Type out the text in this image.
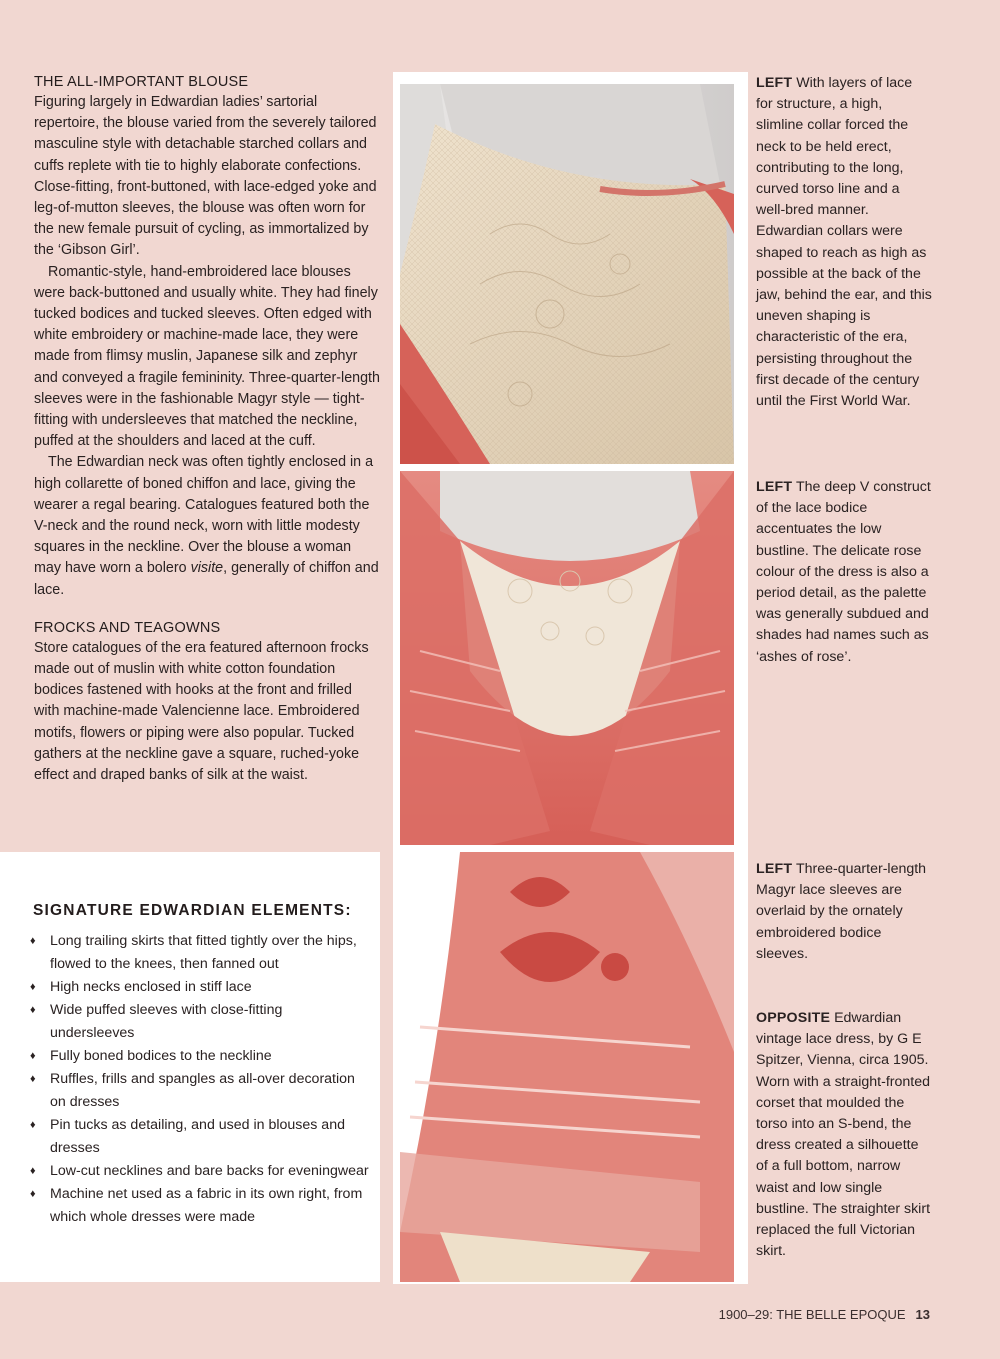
THE ALL-IMPORTANT BLOUSE

Figuring largely in Edwardian ladies’ sartorial repertoire, the blouse varied from the severely tailored masculine style with detachable starched collars and cuffs replete with tie to highly elaborate confections. Close-fitting, front-buttoned, with lace-edged yoke and leg-of-mutton sleeves, the blouse was often worn for the new female pursuit of cycling, as immortalized by the ‘Gibson Girl’.

Romantic-style, hand-embroidered lace blouses were back-buttoned and usually white. They had finely tucked bodices and tucked sleeves. Often edged with white embroidery or machine-made lace, they were made from flimsy muslin, Japanese silk and zephyr and conveyed a fragile femininity. Three-quarter-length sleeves were in the fashionable Magyr style — tight-fitting with undersleeves that matched the neckline, puffed at the shoulders and laced at the cuff.

The Edwardian neck was often tightly enclosed in a high collarette of boned chiffon and lace, giving the wearer a regal bearing. Catalogues featured both the V-neck and the round neck, worn with little modesty squares in the neckline. Over the blouse a woman may have worn a bolero visite, generally of chiffon and lace.

FROCKS AND TEAGOWNS

Store catalogues of the era featured afternoon frocks made out of muslin with white cotton foundation bodices fastened with hooks at the front and frilled with machine-made Valencienne lace. Embroidered motifs, flowers or piping were also popular. Tucked gathers at the neckline gave a square, ruched-yoke effect and draped banks of silk at the waist.

SIGNATURE EDWARDIAN ELEMENTS:
♦ Long trailing skirts that fitted tightly over the hips, flowed to the knees, then fanned out
♦ High necks enclosed in stiff lace
♦ Wide puffed sleeves with close-fitting undersleeves
♦ Fully boned bodices to the neckline
♦ Ruffles, frills and spangles as all-over decoration on dresses
♦ Pin tucks as detailing, and used in blouses and dresses
♦ Low-cut necklines and bare backs for eveningwear
♦ Machine net used as a fabric in its own right, from which whole dresses were made

LEFT With layers of lace for structure, a high, slimline collar forced the neck to be held erect, contributing to the long, curved torso line and a well-bred manner. Edwardian collars were shaped to reach as high as possible at the back of the jaw, behind the ear, and this uneven shaping is characteristic of the era, persisting throughout the first decade of the century until the First World War.

LEFT The deep V construct of the lace bodice accentuates the low bustline. The delicate rose colour of the dress is also a period detail, as the palette was generally subdued and shades had names such as ‘ashes of rose’.

LEFT Three-quarter-length Magyr lace sleeves are overlaid by the ornately embroidered bodice sleeves.

OPPOSITE Edwardian vintage lace dress, by G E Spitzer, Vienna, circa 1905. Worn with a straight-fronted corset that moulded the torso into an S-bend, the dress created a silhouette of a full bottom, narrow waist and low single bustline. The straighter skirt replaced the full Victorian skirt.

1900–29: THE BELLE EPOQUE 13
